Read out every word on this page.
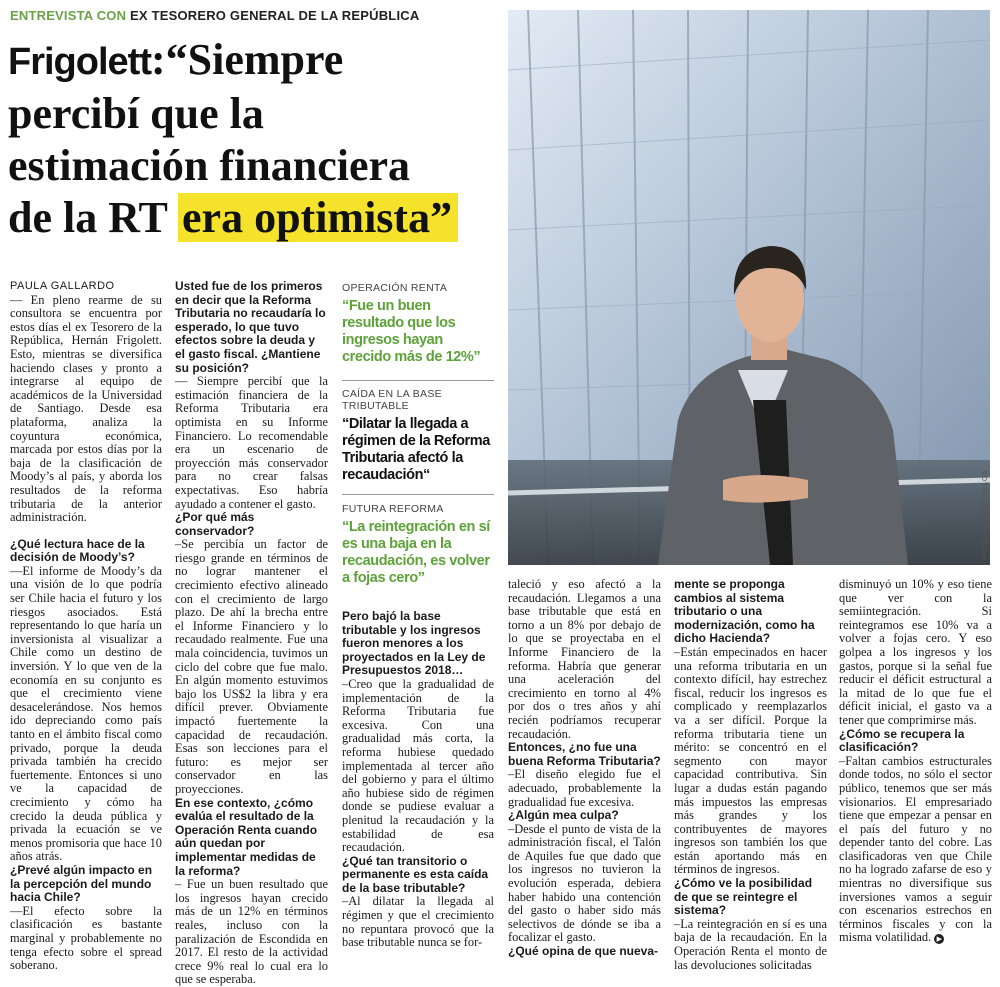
ENTREVISTA CON EX TESORERO GENERAL DE LA REPÚBLICA
Frigolett:“Siempre
percibí que la
estimación financiera
de la RT era optimista”
FOTO: RICHARD ULLOA

PAULA GALLARDO

— En pleno rearme de su consultora se encuentra por estos días el ex Tesorero de la República, Hernán Frigolett. Esto, mientras se diversifica haciendo clases y pronto a integrarse al equipo de académicos de la Universidad de Santiago. Desde esa plataforma, analiza la coyuntura económica, marcada por estos días por la baja de la clasificación de Moody’s al país, y aborda los resultados de la reforma tributaria de la anterior administración.

¿Qué lectura hace de la decisión de Moody’s?

—El informe de Moody’s da una visión de lo que podría ser Chile hacia el futuro y los riesgos asociados. Está representando lo que haría un inversionista al visualizar a Chile como un destino de inversión. Y lo que ven de la economía en su conjunto es que el crecimiento viene desacelerándose. Nos hemos ido depreciando como país tanto en el ámbito fiscal como privado, porque la deuda privada también ha crecido fuertemente. Entonces si uno ve la capacidad de crecimiento y cómo ha crecido la deuda pública y privada la ecuación se ve menos promisoria que hace 10 años atrás.

¿Prevé algún impacto en la percepción del mundo hacia Chile?

—El efecto sobre la clasificación es bastante marginal y probablemente no tenga efecto sobre el spread soberano.

Usted fue de los primeros en decir que la Reforma Tributaria no recaudaría lo esperado, lo que tuvo efectos sobre la deuda y el gasto fiscal. ¿Mantiene su posición?

— Siempre percibí que la estimación financiera de la Reforma Tributaria era optimista en su Informe Financiero. Lo recomendable era un escenario de proyección más conservador para no crear falsas expectativas. Eso habría ayudado a contener el gasto.

¿Por qué más conservador?

–Se percibía un factor de riesgo grande en términos de no lograr mantener el crecimiento efectivo alineado con el crecimiento de largo plazo. De ahí la brecha entre el Informe Financiero y lo recaudado realmente. Fue una mala coincidencia, tuvimos un ciclo del cobre que fue malo. En algún momento estuvimos bajo los US$2 la libra y era difícil prever. Obviamente impactó fuertemente la capacidad de recaudación. Esas son lecciones para el futuro: es mejor ser conservador en las proyecciones.

En ese contexto, ¿cómo evalúa el resultado de la Operación Renta cuando aún quedan por implementar medidas de la reforma?

– Fue un buen resultado que los ingresos hayan crecido más de un 12% en términos reales, incluso con la paralización de Escondida en 2017. El resto de la actividad crece 9% real lo cual era lo que se esperaba.

OPERACIÓN RENTA

“Fue un buen resultado que los ingresos hayan crecido más de 12%”

CAÍDA EN LA BASE TRIBUTABLE

“Dilatar la llegada a régimen de la Reforma Tributaria afectó la recaudación“

FUTURA REFORMA

“La reintegración en sí es una baja en la recaudación, es volver a fojas cero”

Pero bajó la base tributable y los ingresos fueron menores a los proyectados en la Ley de Presupuestos 2018…

–Creo que la gradualidad de implementación de la Reforma Tributaria fue excesiva. Con una gradualidad más corta, la reforma hubiese quedado implementada al tercer año del gobierno y para el último año hubiese sido de régimen donde se pudiese evaluar a plenitud la recaudación y la estabilidad de esa recaudación.

¿Qué tan transitorio o permanente es esta caída de la base tributable?

–Al dilatar la llegada al régimen y que el crecimiento no repuntara provocó que la base tributable nunca se for-

taleció y eso afectó a la recaudación. Llegamos a una base tributable que está en torno a un 8% por debajo de lo que se proyectaba en el Informe Financiero de la reforma. Habría que generar una aceleración del crecimiento en torno al 4% por dos o tres años y ahí recién podríamos recuperar recaudación.

Entonces, ¿no fue una buena Reforma Tributaria?

–El diseño elegido fue el adecuado, probablemente la gradualidad fue excesiva.

¿Algún mea culpa?

–Desde el punto de vista de la administración fiscal, el Talón de Aquiles fue que dado que los ingresos no tuvieron la evolución esperada, debiera haber habido una contención del gasto o haber sido más selectivos de dónde se iba a focalizar el gasto.

¿Qué opina de que nueva-

mente se proponga cambios al sistema tributario o una modernización, como ha dicho Hacienda?

–Están empecinados en hacer una reforma tributaria en un contexto difícil, hay estrechez fiscal, reducir los ingresos es complicado y reemplazarlos va a ser difícil. Porque la reforma tributaria tiene un mérito: se concentró en el segmento con mayor capacidad contributiva. Sin lugar a dudas están pagando más impuestos las empresas más grandes y los contribuyentes de mayores ingresos son también los que están aportando más en términos de ingresos.

¿Cómo ve la posibilidad de que se reintegre el sistema?

–La reintegración en sí es una baja de la recaudación. En la Operación Renta el monto de las devoluciones solicitadas

disminuyó un 10% y eso tiene que ver con la semiintegración. Si reintegramos ese 10% va a volver a fojas cero. Y eso golpea a los ingresos y los gastos, porque si la señal fue reducir el déficit estructural a la mitad de lo que fue el déficit inicial, el gasto va a tener que comprimirse más.

¿Cómo se recupera la clasificación?

–Faltan cambios estructurales donde todos, no sólo el sector público, tenemos que ser más visionarios. El empresariado tiene que empezar a pensar en el país del futuro y no depender tanto del cobre. Las clasificadoras ven que Chile no ha logrado zafarse de eso y mientras no diversifique sus inversiones vamos a seguir con escenarios estrechos en términos fiscales y con la misma volatilidad. ▶
